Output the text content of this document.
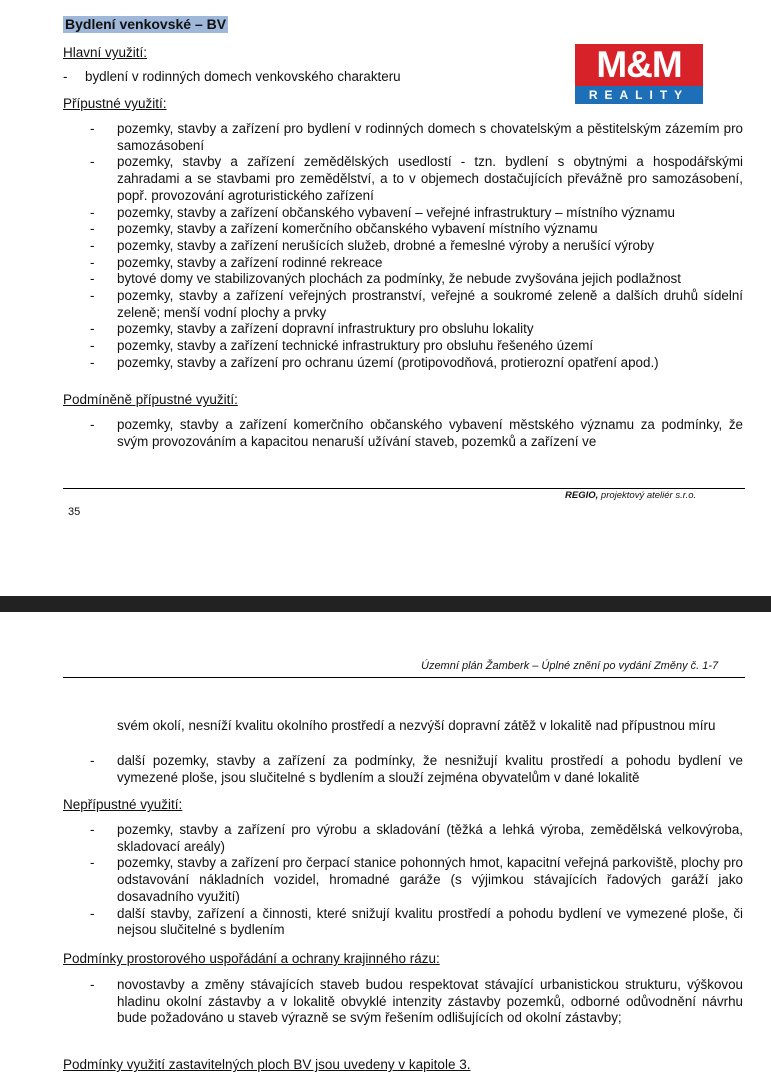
Bydlení venkovské – BV
M&M
REALITY
Hlavní využití:
- bydlení v rodinných domech venkovského charakteru
Přípustné využití:
- pozemky, stavby a zařízení pro bydlení v rodinných domech s chovatelským a pěstitelským zázemím pro samozásobení
- pozemky, stavby a zařízení zemědělských usedlostí - tzn. bydlení s obytnými a hospodářskými zahradami a se stavbami pro zemědělství, a to v objemech dostačujících převážně pro samozásobení, popř. provozování agroturistického zařízení
- pozemky, stavby a zařízení občanského vybavení – veřejné infrastruktury – místního významu
- pozemky, stavby a zařízení komerčního občanského vybavení místního významu
- pozemky, stavby a zařízení nerušících služeb, drobné a řemeslné výroby a nerušící výroby
- pozemky, stavby a zařízení rodinné rekreace
- bytové domy ve stabilizovaných plochách za podmínky, že nebude zvyšována jejich podlažnost
- pozemky, stavby a zařízení veřejných prostranství, veřejné a soukromé zeleně a dalších druhů sídelní zeleně; menší vodní plochy a prvky
- pozemky, stavby a zařízení dopravní infrastruktury pro obsluhu lokality
- pozemky, stavby a zařízení technické infrastruktury pro obsluhu řešeného území
- pozemky, stavby a zařízení pro ochranu území (protipovodňová, protierozní opatření apod.)
Podmíněně přípustné využití:
- pozemky, stavby a zařízení komerčního občanského vybavení městského významu za podmínky, že svým provozováním a kapacitou nenaruší užívání staveb, pozemků a zařízení ve
REGIO, projektový ateliér s.r.o.
35
Územní plán Žamberk – Úplné znění po vydání Změny č. 1-7
svém okolí, nesníží kvalitu okolního prostředí a nezvýší dopravní zátěž v lokalitě nad přípustnou míru
- další pozemky, stavby a zařízení za podmínky, že nesnižují kvalitu prostředí a pohodu bydlení ve vymezené ploše, jsou slučitelné s bydlením a slouží zejména obyvatelům v dané lokalitě
Nepřípustné využití:
- pozemky, stavby a zařízení pro výrobu a skladování (těžká a lehká výroba, zemědělská velkovýroba, skladovací areály)
- pozemky, stavby a zařízení pro čerpací stanice pohonných hmot, kapacitní veřejná parkoviště, plochy pro odstavování nákladních vozidel, hromadné garáže (s výjimkou stávajících řadových garáží jako dosavadního využití)
- další stavby, zařízení a činnosti, které snižují kvalitu prostředí a pohodu bydlení ve vymezené ploše, či nejsou slučitelné s bydlením
Podmínky prostorového uspořádání a ochrany krajinného rázu:
- novostavby a změny stávajících staveb budou respektovat stávající urbanistickou strukturu, výškovou hladinu okolní zástavby a v lokalitě obvyklé intenzity zástavby pozemků, odborné odůvodnění návrhu bude požadováno u staveb výrazně se svým řešením odlišujících od okolní zástavby;
Podmínky využití zastavitelných ploch BV jsou uvedeny v kapitole 3.
